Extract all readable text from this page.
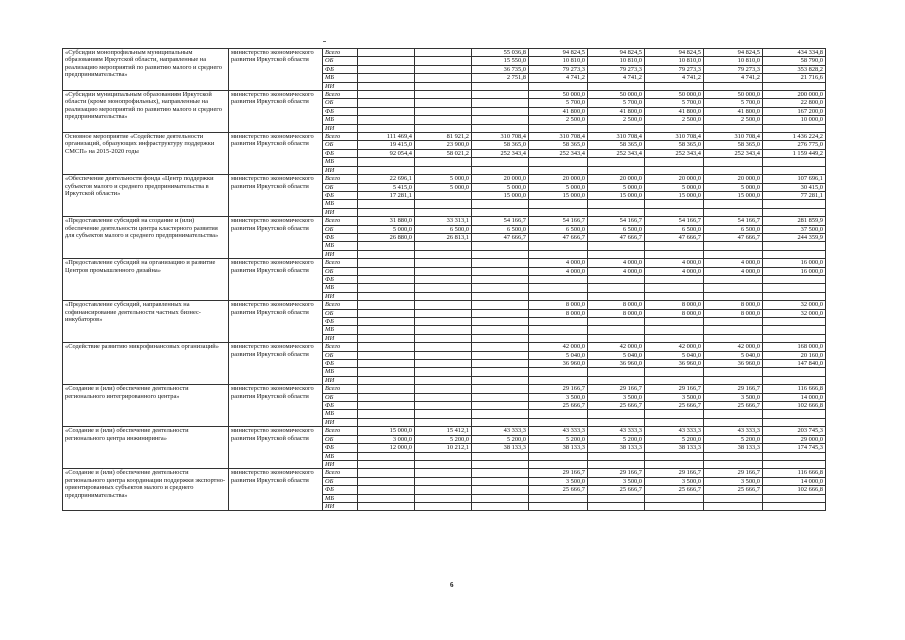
«Субсидии монопрофильным муниципальным образованиям Иркутской области, направленные на реализацию мероприятий по развитию малого и среднего предпринимательства»	министерство экономического развития Иркутской области	Всего			55 036,8	94 824,5	94 824,5	94 824,5	94 824,5	434 334,8
		ОБ			15 550,0	10 810,0	10 810,0	10 810,0	10 810,0	58 790,0
		ФБ			36 735,0	79 273,3	79 273,3	79 273,3	79 273,3	353 828,2
		МБ			2 751,8	4 741,2	4 741,2	4 741,2	4 741,2	21 716,6
		ИИ								
«Субсидии муниципальным образованиям Иркутской области (кроме монопрофильных), направленные на реализацию мероприятий по развитию малого и среднего предпринимательства»	министерство экономического развития Иркутской области	Всего				50 000,0	50 000,0	50 000,0	50 000,0	200 000,0
		ОБ				5 700,0	5 700,0	5 700,0	5 700,0	22 800,0
		ФБ				41 800,0	41 800,0	41 800,0	41 800,0	167 200,0
		МБ				2 500,0	2 500,0	2 500,0	2 500,0	10 000,0
		ИИ								
Основное мероприятие «Содействие деятельности организаций, образующих инфраструктуру поддержки СМСП» на 2015-2020 годы	министерство экономического развития Иркутской области	Всего	111 469,4	81 921,2	310 708,4	310 708,4	310 708,4	310 708,4	310 708,4	1 436 224,2
		ОБ	19 415,0	23 900,0	58 365,0	58 365,0	58 365,0	58 365,0	58 365,0	276 775,0
		ФБ	92 054,4	58 021,2	252 343,4	252 343,4	252 343,4	252 343,4	252 343,4	1 159 449,2
		МБ								
		ИИ								
«Обеспечение деятельности фонда «Центр поддержки субъектов малого и среднего предпринимательства в Иркутской области»	министерство экономического развития Иркутской области	Всего	22 696,1	5 000,0	20 000,0	20 000,0	20 000,0	20 000,0	20 000,0	107 696,1
		ОБ	5 415,0	5 000,0	5 000,0	5 000,0	5 000,0	5 000,0	5 000,0	30 415,0
		ФБ	17 281,1		15 000,0	15 000,0	15 000,0	15 000,0	15 000,0	77 281,1
		МБ								
		ИИ								
«Предоставление субсидий на создание и (или) обеспечение деятельности центра кластерного развития для субъектов малого и среднего предпринимательства»	министерство экономического развития Иркутской области	Всего	31 880,0	33 313,1	54 166,7	54 166,7	54 166,7	54 166,7	54 166,7	281 859,9
		ОБ	5 000,0	6 500,0	6 500,0	6 500,0	6 500,0	6 500,0	6 500,0	37 500,0
		ФБ	26 880,0	26 813,1	47 666,7	47 666,7	47 666,7	47 666,7	47 666,7	244 359,9
		МБ								
		ИИ								
«Предоставление субсидий на организацию и развитие Центров промышленного дизайна»	министерство экономического развития Иркутской области	Всего				4 000,0	4 000,0	4 000,0	4 000,0	16 000,0
		ОБ				4 000,0	4 000,0	4 000,0	4 000,0	16 000,0
		ФБ								
		МБ								
		ИИ								
«Предоставление субсидий, направленных на софинансирование деятельности частных бизнес-инкубаторов»	министерство экономического развития Иркутской области	Всего				8 000,0	8 000,0	8 000,0	8 000,0	32 000,0
		ОБ				8 000,0	8 000,0	8 000,0	8 000,0	32 000,0
		ФБ								
		МБ								
		ИИ								
«Содействие развитию микрофинансовых организаций»	министерство экономического развития Иркутской области	Всего				42 000,0	42 000,0	42 000,0	42 000,0	168 000,0
		ОБ				5 040,0	5 040,0	5 040,0	5 040,0	20 160,0
		ФБ				36 960,0	36 960,0	36 960,0	36 960,0	147 840,0
		МБ								
		ИИ								
«Создание и (или) обеспечение деятельности регионального интегрированного центра»	министерство экономического развития Иркутской области	Всего				29 166,7	29 166,7	29 166,7	29 166,7	116 666,8
		ОБ				3 500,0	3 500,0	3 500,0	3 500,0	14 000,0
		ФБ				25 666,7	25 666,7	25 666,7	25 666,7	102 666,8
		МБ								
		ИИ								
«Создание и (или) обеспечение деятельности регионального центра инжиниринга»	министерство экономического развития Иркутской области	Всего	15 000,0	15 412,1	43 333,3	43 333,3	43 333,3	43 333,3	43 333,3	203 745,3
		ОБ	3 000,0	5 200,0	5 200,0	5 200,0	5 200,0	5 200,0	5 200,0	29 000,0
		ФБ	12 000,0	10 212,1	38 133,3	38 133,3	38 133,3	38 133,3	38 133,3	174 745,3
		МБ								
		ИИ								
«Создание и (или) обеспечение деятельности регионального центра координации поддержки экспортно-ориентированных субъектов малого и среднего предпринимательства»	министерство экономического развития Иркутской области	Всего				29 166,7	29 166,7	29 166,7	29 166,7	116 666,8
		ОБ				3 500,0	3 500,0	3 500,0	3 500,0	14 000,0
		ФБ				25 666,7	25 666,7	25 666,7	25 666,7	102 666,8
		МБ								
		ИИ								
6
